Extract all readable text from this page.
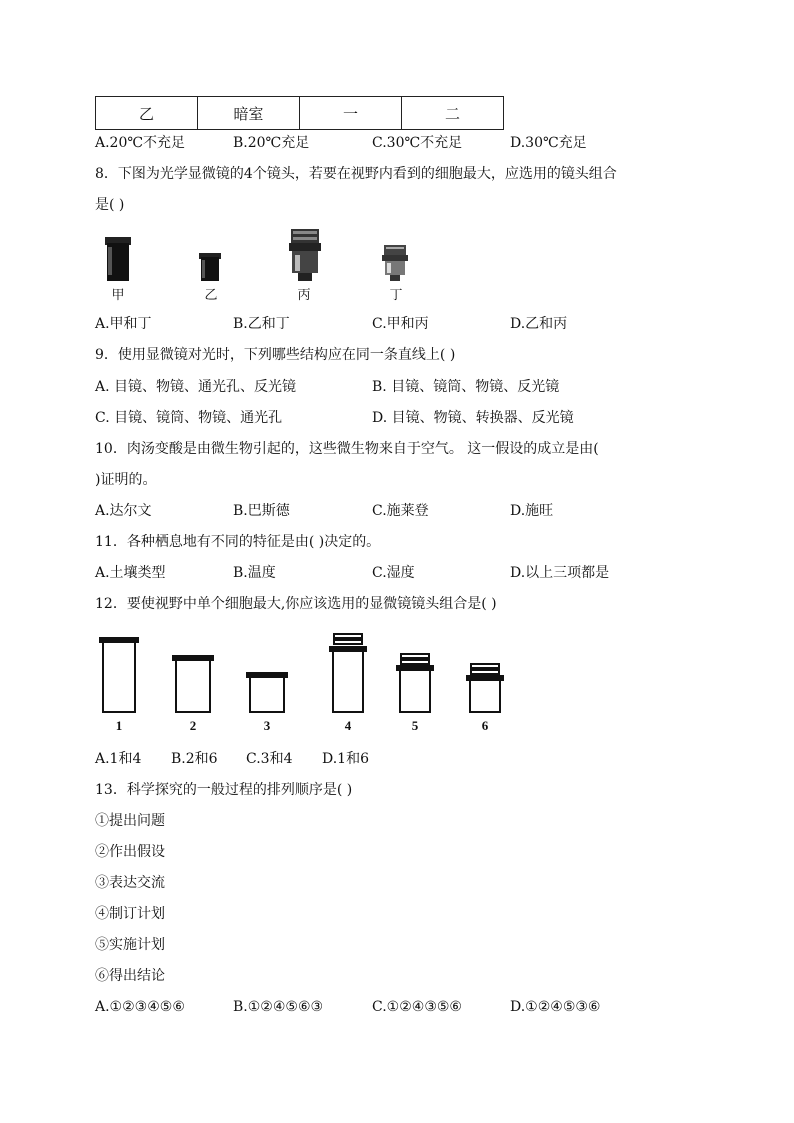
乙	暗室	一	二
A.20℃不充足	B.20℃充足	C.30℃不充足	D.30℃充足
8．下图为光学显微镜的4个镜头，若要在视野内看到的细胞最大，应选用的镜头组合
是( )
甲	乙	丙	丁
A.甲和丁	B.乙和丁	C.甲和丙	D.乙和丙
9．使用显微镜对光时，下列哪些结构应在同一条直线上( )
A. 目镜、物镜、通光孔、反光镜	B. 目镜、镜筒、物镜、反光镜
C. 目镜、镜筒、物镜、通光孔	D. 目镜、物镜、转换器、反光镜
10．肉汤变酸是由微生物引起的，这些微生物来自于空气。 这一假设的成立是由(
)证明的。
A.达尔文	B.巴斯德	C.施莱登	D.施旺
11．各种栖息地有不同的特征是由( )决定的。
A.土壤类型	B.温度	C.湿度	D.以上三项都是
12．要使视野中单个细胞最大,你应该选用的显微镜镜头组合是( )
1	2	3	4	5	6
A.1和4	B.2和6	C.3和4	D.1和6
13．科学探究的一般过程的排列顺序是( )
①提出问题
②作出假设
③表达交流
④制订计划
⑤实施计划
⑥得出结论
A.①②③④⑤⑥	B.①②④⑤⑥③	C.①②④③⑤⑥	D.①②④⑤③⑥
